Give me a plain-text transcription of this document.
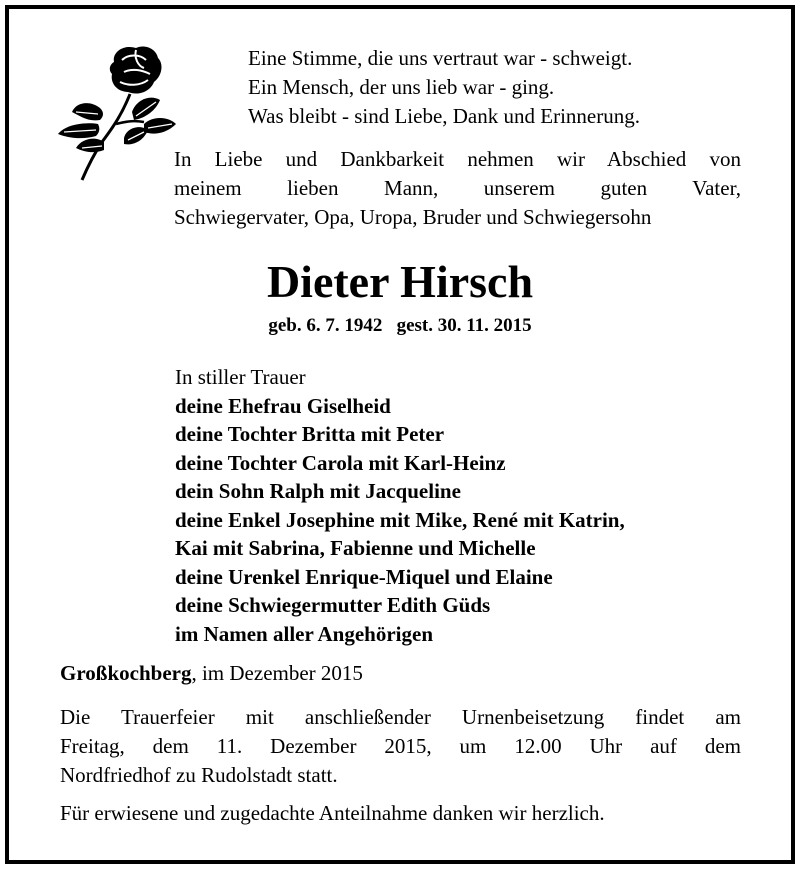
Eine Stimme, die uns vertraut war - schweigt.
Ein Mensch, der uns lieb war - ging.
Was bleibt - sind Liebe, Dank und Erinnerung.
In Liebe und Dankbarkeit nehmen wir Abschied von
meinem lieben Mann, unserem guten Vater,
Schwiegervater, Opa, Uropa, Bruder und Schwiegersohn
Dieter Hirsch
geb. 6. 7. 1942   gest. 30. 11. 2015
In stiller Trauer
deine Ehefrau Giselheid
deine Tochter Britta mit Peter
deine Tochter Carola mit Karl-Heinz
dein Sohn Ralph mit Jacqueline
deine Enkel Josephine mit Mike, René mit Katrin,
Kai mit Sabrina, Fabienne und Michelle
deine Urenkel Enrique-Miquel und Elaine
deine Schwiegermutter Edith Güds
im Namen aller Angehörigen
Großkochberg, im Dezember 2015
Die Trauerfeier mit anschließender Urnenbeisetzung findet am
Freitag, dem 11. Dezember 2015, um 12.00 Uhr auf dem
Nordfriedhof zu Rudolstadt statt.
Für erwiesene und zugedachte Anteilnahme danken wir herzlich.
